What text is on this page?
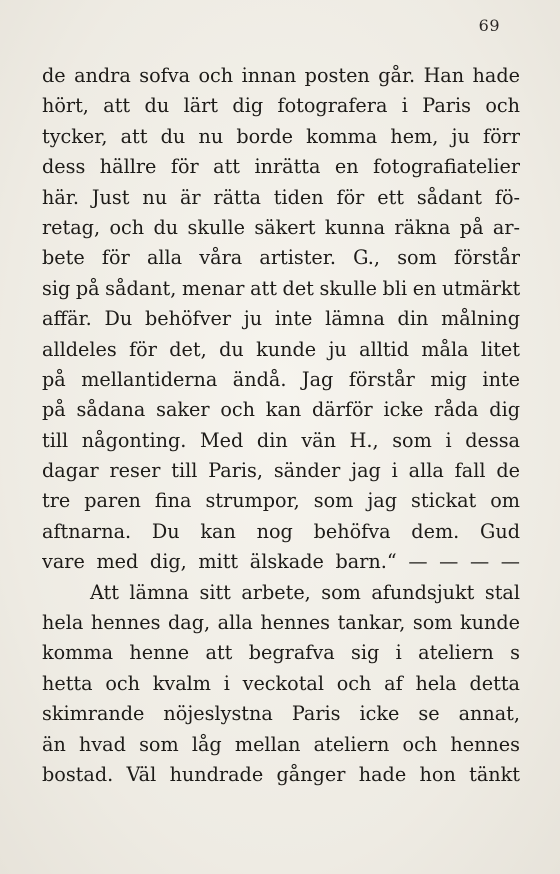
69
de andra sofva och innan posten går. Han hade
hört, att du lärt dig fotografera i Paris och
tycker, att du nu borde komma hem, ju förr
dess hällre för att inrätta en fotografiatelier
här. Just nu är rätta tiden för ett sådant fö-
retag, och du skulle säkert kunna räkna på ar-
bete för alla våra artister. G., som förstår
sig på sådant, menar att det skulle bli en utmärkt
affär. Du behöfver ju inte lämna din målning
alldeles för det, du kunde ju alltid måla litet
på mellantiderna ändå. Jag förstår mig inte
på sådana saker och kan därför icke råda dig
till någonting. Med din vän H., som i dessa
dagar reser till Paris, sänder jag i alla fall de
tre paren fina strumpor, som jag stickat om
aftnarna. Du kan nog behöfva dem. Gud
vare med dig, mitt älskade barn.“ — — — —
Att lämna sitt arbete, som afundsjukt stal
hela hennes dag, alla hennes tankar, som kunde
komma henne att begrafva sig i ateliern s
hetta och kvalm i veckotal och af hela detta
skimrande nöjeslystna Paris icke se annat,
än hvad som låg mellan ateliern och hennes
bostad. Väl hundrade gånger hade hon tänkt
